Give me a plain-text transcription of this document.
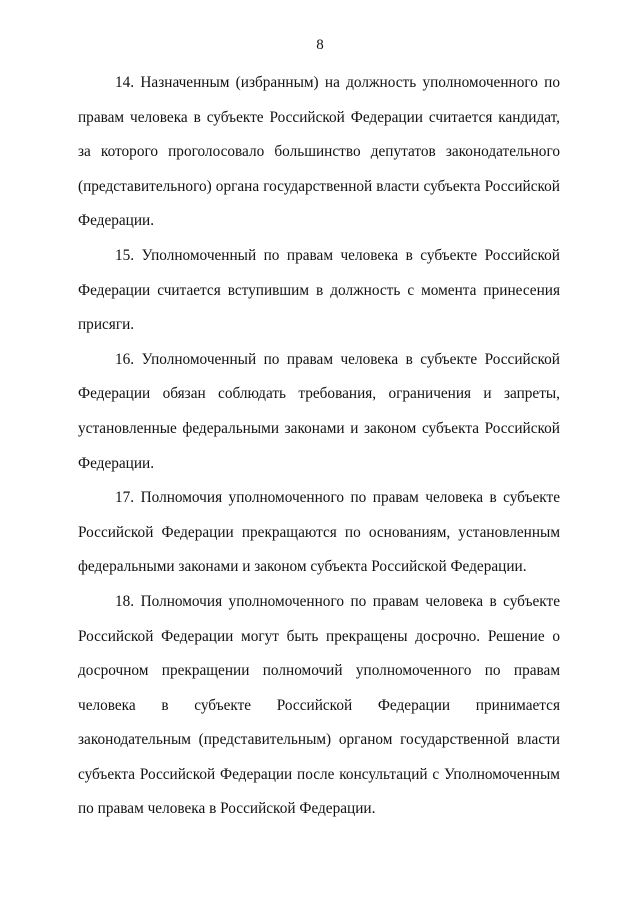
8

14. Назначенным (избранным) на должность уполномоченного по правам человека в субъекте Российской Федерации считается кандидат, за которого проголосовало большинство депутатов законодательного (представительного) органа государственной власти субъекта Российской Федерации.

15. Уполномоченный по правам человека в субъекте Российской Федерации считается вступившим в должность с момента принесения присяги.

16. Уполномоченный по правам человека в субъекте Российской Федерации обязан соблюдать требования, ограничения и запреты, установленные федеральными законами и законом субъекта Российской Федерации.

17. Полномочия уполномоченного по правам человека в субъекте Российской Федерации прекращаются по основаниям, установленным федеральными законами и законом субъекта Российской Федерации.

18. Полномочия уполномоченного по правам человека в субъекте Российской Федерации могут быть прекращены досрочно. Решение о досрочном прекращении полномочий уполномоченного по правам человека в субъекте Российской Федерации принимается законодательным (представительным) органом государственной власти субъекта Российской Федерации после консультаций с Уполномоченным по правам человека в Российской Федерации.
